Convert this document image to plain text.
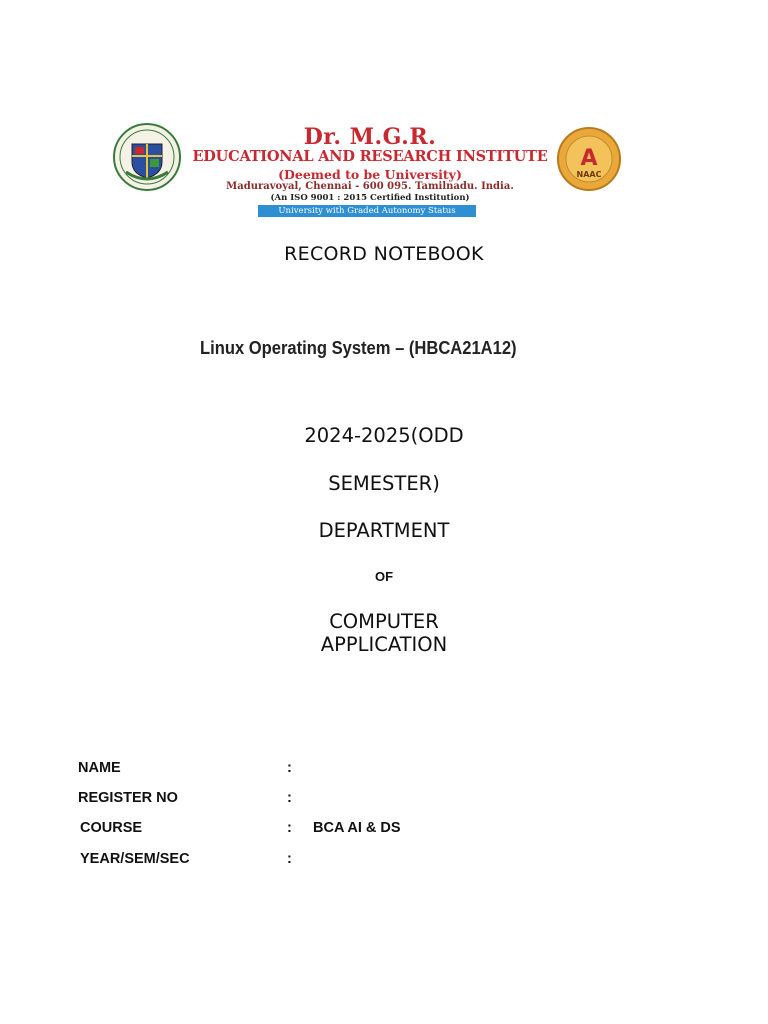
Dr. M.G.R.
EDUCATIONAL AND RESEARCH INSTITUTE
(Deemed to be University)
Maduravoyal, Chennai - 600 095. Tamilnadu. India.
(An ISO 9001 : 2015 Certified Institution)
University with Graded Autonomy Status
A
NAAC
RECORD NOTEBOOK
Linux Operating System – (HBCA21A12)
2024-2025(ODD
SEMESTER)
DEPARTMENT
OF
COMPUTER
APPLICATION
NAME	:
REGISTER NO	:
COURSE	: BCA AI & DS
YEAR/SEM/SEC	:
